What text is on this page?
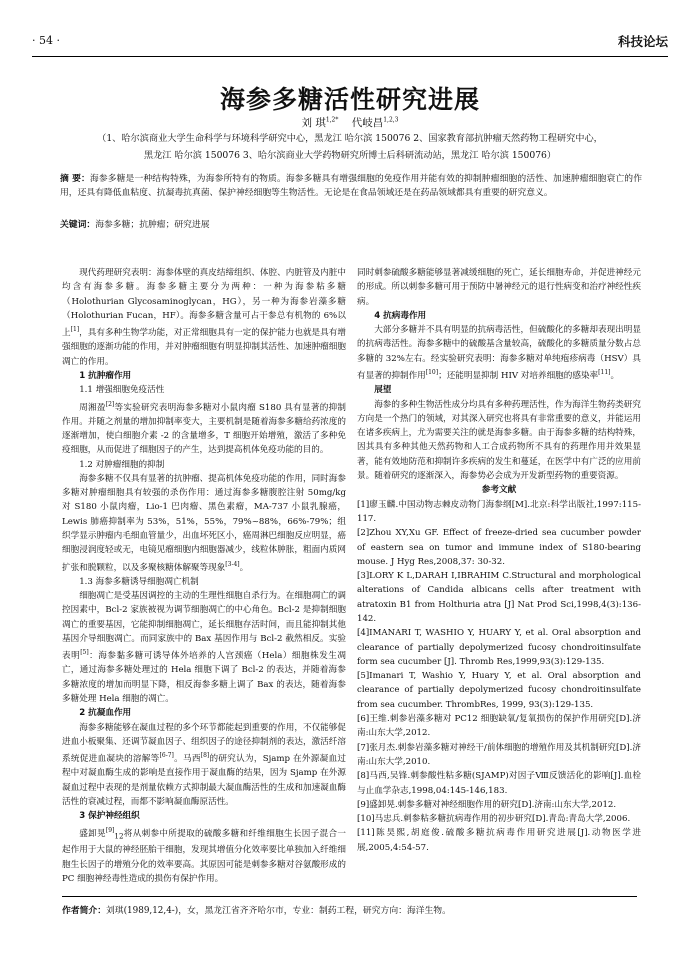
· 54 ·	科技论坛
海参多糖活性研究进展
刘 琪$^{1,2*}$ 代岐昌$^{1,2,3}$
（1、哈尔滨商业大学生命科学与环境科学研究中心，黑龙江 哈尔滨 150076 2、国家教育部抗肿瘤天然药物工程研究中心，
黑龙江 哈尔滨 150076 3、哈尔滨商业大学药物研究所博士后科研流动站，黑龙江 哈尔滨 150076）
摘 要：海参多糖是一种结构特殊，为海参所特有的物质。海参多糖具有增强细胞的免疫作用并能有效的抑制肿瘤细胞的活性、加速肿瘤细胞衰亡的作用，还具有降低血粘度、抗凝毒抗真菌、保护神经细胞等生物活性。无论是在食品领域还是在药品领域都具有重要的研究意义。
关键词：海参多糖；抗肿瘤；研究进展

现代药理研究表明：海参体壁的真皮结缔组织、体腔、内脏管及内脏中均含有海参多糖。海参多糖主要分为两种：一种为海参粘多糖（Holothurian Glycosaminoglycan，HG），另一种为海参岩藻多糖（Holothurian Fucan，HF）。海参多糖含量可占干参总有机物的 6%以上[1]，具有多种生物学功能，对正常细胞具有一定的保护能力也就是具有增强细胞的逐渐功能的作用，并对肿瘤细胞有明显抑制其活性、加速肿瘤细胞凋亡的作用。

1 抗肿瘤作用

1.1 增强细胞免疫活性

周湘盈[2]等实验研究表明海参多糖对小鼠肉瘤 S180 具有显著的抑制作用。并随之剂量的增加抑制率变大，主要机制是随着海参多糖给药浓度的逐渐增加，使白细胞介素 -2 的含量增多，T 细胞开始增殖，激活了多种免疫细胞，从而促进了细胞因子的产生，达到提高机体免疫功能的目的。

1.2 对肿瘤细胞的抑制

海参多糖不仅具有显著的抗肿瘤、提高机体免疫功能的作用，同时海参多糖对肿瘤细胞具有较强的杀伤作用：通过海参多糖腹腔注射 50mg/kg 对 S180 小鼠肉瘤，Lio-1 巴肉瘤、黑色素瘤，MA-737 小鼠乳腺癌，Lewis 肺癌抑制率为 53%，51%，55%，79%~88%，66%-79%；组织学显示肿瘤内毛细血管量少，出血坏死区小，癌周淋巴细胞反应明显，癌细胞浸润度轻或无，电镜见瘤细胞内细胞器减少，线粒体肿胀，粗面内质网扩张和脱颗粒，以及多聚核糖体解聚等现象[3-4]。

1.3 海参多糖诱导细胞凋亡机制

细胞凋亡是受基因调控的主动的生理性细胞自杀行为。在细胞凋亡的调控因素中，Bcl-2 家族被视为调节细胞凋亡的中心角色。Bcl-2 是抑制细胞凋亡的重要基因，它能抑制细胞凋亡，延长细胞存活时间，而且能抑制其他基因介导细胞凋亡。而同家族中的 Bax 基因作用与 Bcl-2 截然相反。实验表明[5]：海参黏多糖可诱导体外培养的人宫颈癌（Hela）细胞株发生凋亡，通过海参多糖处理过的 Hela 细胞下调了 Bcl-2 的表达，并随着海参多糖浓度的增加而明显下降，相反海参多糖上调了 Bax 的表达，随着海参多糖处理 Hela 细胞的凋亡。

2 抗凝血作用

海参多糖能够在凝血过程的多个环节都能起到重要的作用，不仅能够促进血小板聚集、还调节凝血因子、组织因子的途径抑制剂的表达，激活纤溶系统促进血凝块的溶解等[6-7]。马西[8]的研究认为，Sjamp 在外源凝血过程中对凝血酶生成的影响是直接作用于凝血酶的结果，因为 Sjamp 在外源凝血过程中表现的是剂量依赖方式抑制最大凝血酶活性的生成和加速凝血酶活性的衰减过程，而都不影响凝血酶原活性。

3 保护神经组织

盛卸晃[9]$_{12}$将从刺参中所提取的硫酸多糖和纤维细胞生长因子混合一起作用于大鼠的神经胚胎干细胞，发现其增值分化效率要比单独加入纤维细胞生长因子的增殖分化的效率要高。其原因可能是刺参多糖对谷氨酸形成的 PC 细胞神经毒性造成的损伤有保护作用。

同时刺参硫酸多糖能够显著减缓细胞的死亡，延长细胞寿命，并促进神经元的形成。所以刺参多糖可用于预防中暑神经元的退行性病变和治疗神经性疾病。

4 抗病毒作用

大部分多糖并不具有明显的抗病毒活性，但硫酸化的多糖却表现出明显的抗病毒活性。海参多糖中的硫酸基含量较高，硫酸化的多糖质量分数占总多糖的 32%左右。经实验研究表明：海参多糖对单纯疱疹病毒（HSV）具有显著的抑制作用[10]；还能明显抑制 HIV 对培养细胞的感染率[11]。

展望

海参的多种生物活性成分均具有多种药理活性，作为海洋生物药类研究方向是一个热门的领域，对其深入研究也将具有非常重要的意义，并能运用在诸多疾病上，尤为需要关注的就是海参多糖。由于海参多糖的结构特殊，因其具有多种其他天然药物和人工合成药物所不具有的药理作用并效果显著，能有效地防范和抑制许多疾病的发生和蔓延，在医学中有广泛的应用前景。随着研究的逐渐深入，海参势必会成为开发新型药物的重要资源。

参考文献

[1]廖玉麟.中国动物志棘皮动物门海参纲[M].北京:科学出版社,1997:115-117.

[2]Zhou XY,Xu GF. Effect of freeze-dried sea cucumber powder of eastern sea on tumor and immune index of S180-bearing mouse. J Hyg Res,2008,37: 30-32.

[3]LORY K L,DARAH I,IBRAHIM C.Structural and morphological alterations of Candida albicans cells after treatment with atratoxin B1 from Holthuria atra [J] Nat Prod Sci,1998,4(3):136-142.

[4]IMANARI T, WASHIO Y, HUARY Y, et al. Oral absorption and clearance of partially depolymerized fucosy chondroitinsulfate form sea cucumber [J]. Thromb Res,1999,93(3):129-135.

[5]Imanari T, Washio Y, Huary Y, et al. Oral absorption and clearance of partially depolymerized fucosy chondroitinsulfate from sea cucumber. ThrombRes, 1999, 93(3):129-135.

[6]王维.刺参岩藻多糖对 PC12 细胞缺氧/复氧损伤的保护作用研究[D].济南:山东大学,2012.

[7]张月杰.刺参岩藻多糖对神经干/前体细胞的增殖作用及其机制研究[D].济南:山东大学,2010.

[8]马西,吴锋.刺参酸性粘多糖(SJAMP)对因子Ⅷ反馈活化的影响[J].血栓与止血学杂志,1998,04:145-146,183.

[9]盛卸晃.刺参多糖对神经细胞作用的研究[D].济南:山东大学,2012.

[10]马忠兵.刺参粘多糖抗病毒作用的初步研究[D].青岛:青岛大学,2006.

[11]陈昊熙,胡庭俊.硫酸多糖抗病毒作用研究进展[J].动物医学进展,2005,4:54-57.

作者简介：刘琪(1989,12,4-)，女，黑龙江省齐齐哈尔市，专业：制药工程，研究方向：海洋生物。
